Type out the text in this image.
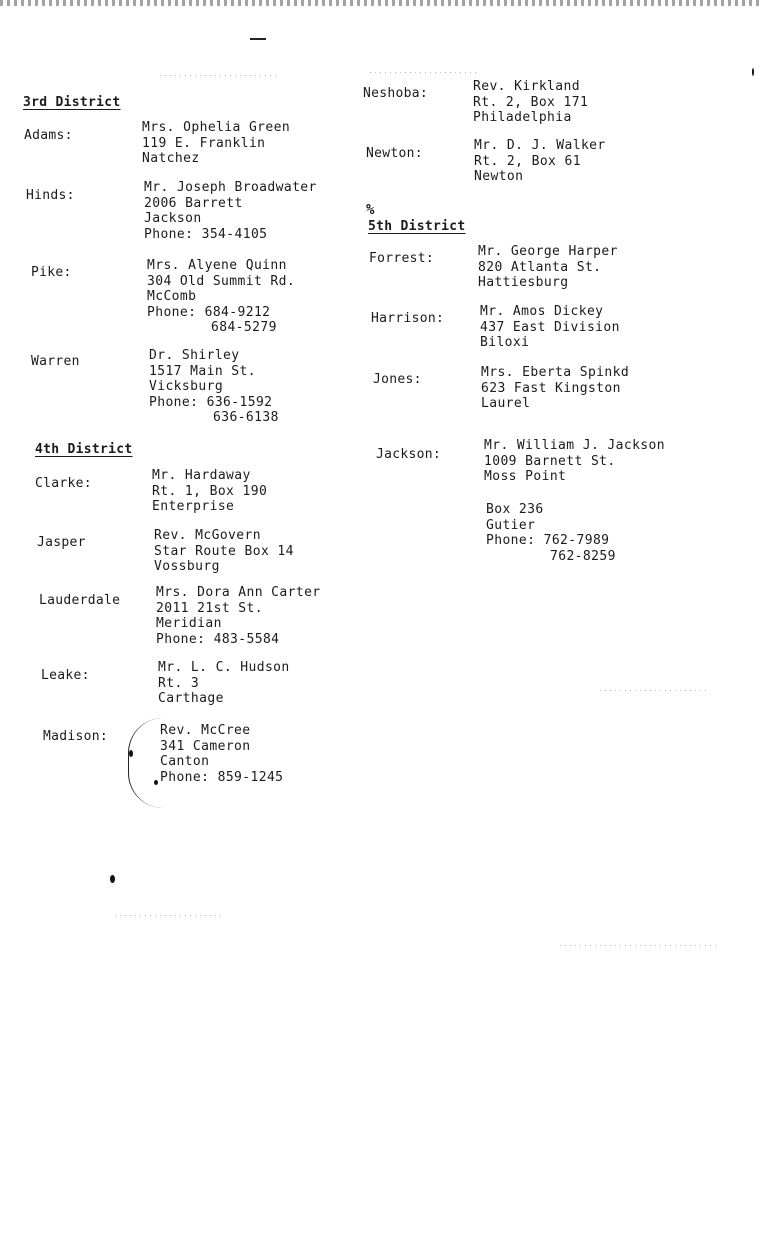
3rd District
Adams:
Mrs. Ophelia Green
119 E. Franklin
Natchez
Hinds:
Mr. Joseph Broadwater
2006 Barrett
Jackson
Phone: 354-4105
Pike:	Mrs. Alyene Quinn
304 Old Summit Rd.
McComb
Phone: 684-9212
684-5279
Warren	Dr. Shirley
1517 Main St.
Vicksburg
Phone: 636-1592
636-6138
4th District
Clarke:
Mr. Hardaway
Rt. 1, Box 190
Enterprise
Jasper	Rev. McGovern
Star Route Box 14
Vossburg
Lauderdale
Mrs. Dora Ann Carter
2011 21st St.
Meridian
Phone: 483-5584
Leake:
Mr. L. C. Hudson
Rt. 3
Carthage
Madison:	Rev. McCree
341 Cameron
Canton
Phone: 859-1245
Neshoba:	Rev. Kirkland
Rt. 2, Box 171
Philadelphia
Newton:
Mr. D. J. Walker
Rt. 2, Box 61
Newton
%
5th District
Forrest:	Mr. George Harper
820 Atlanta St.
Hattiesburg
Harrison:	Mr. Amos Dickey
437 East Division
Biloxi
Jones:	Mrs. Eberta Spinkd
623 Fast Kingston
Laurel
Jackson:
Mr. William J. Jackson
1009 Barnett St.
Moss Point
Box 236
Gutier
Phone: 762-7989
762-8259
